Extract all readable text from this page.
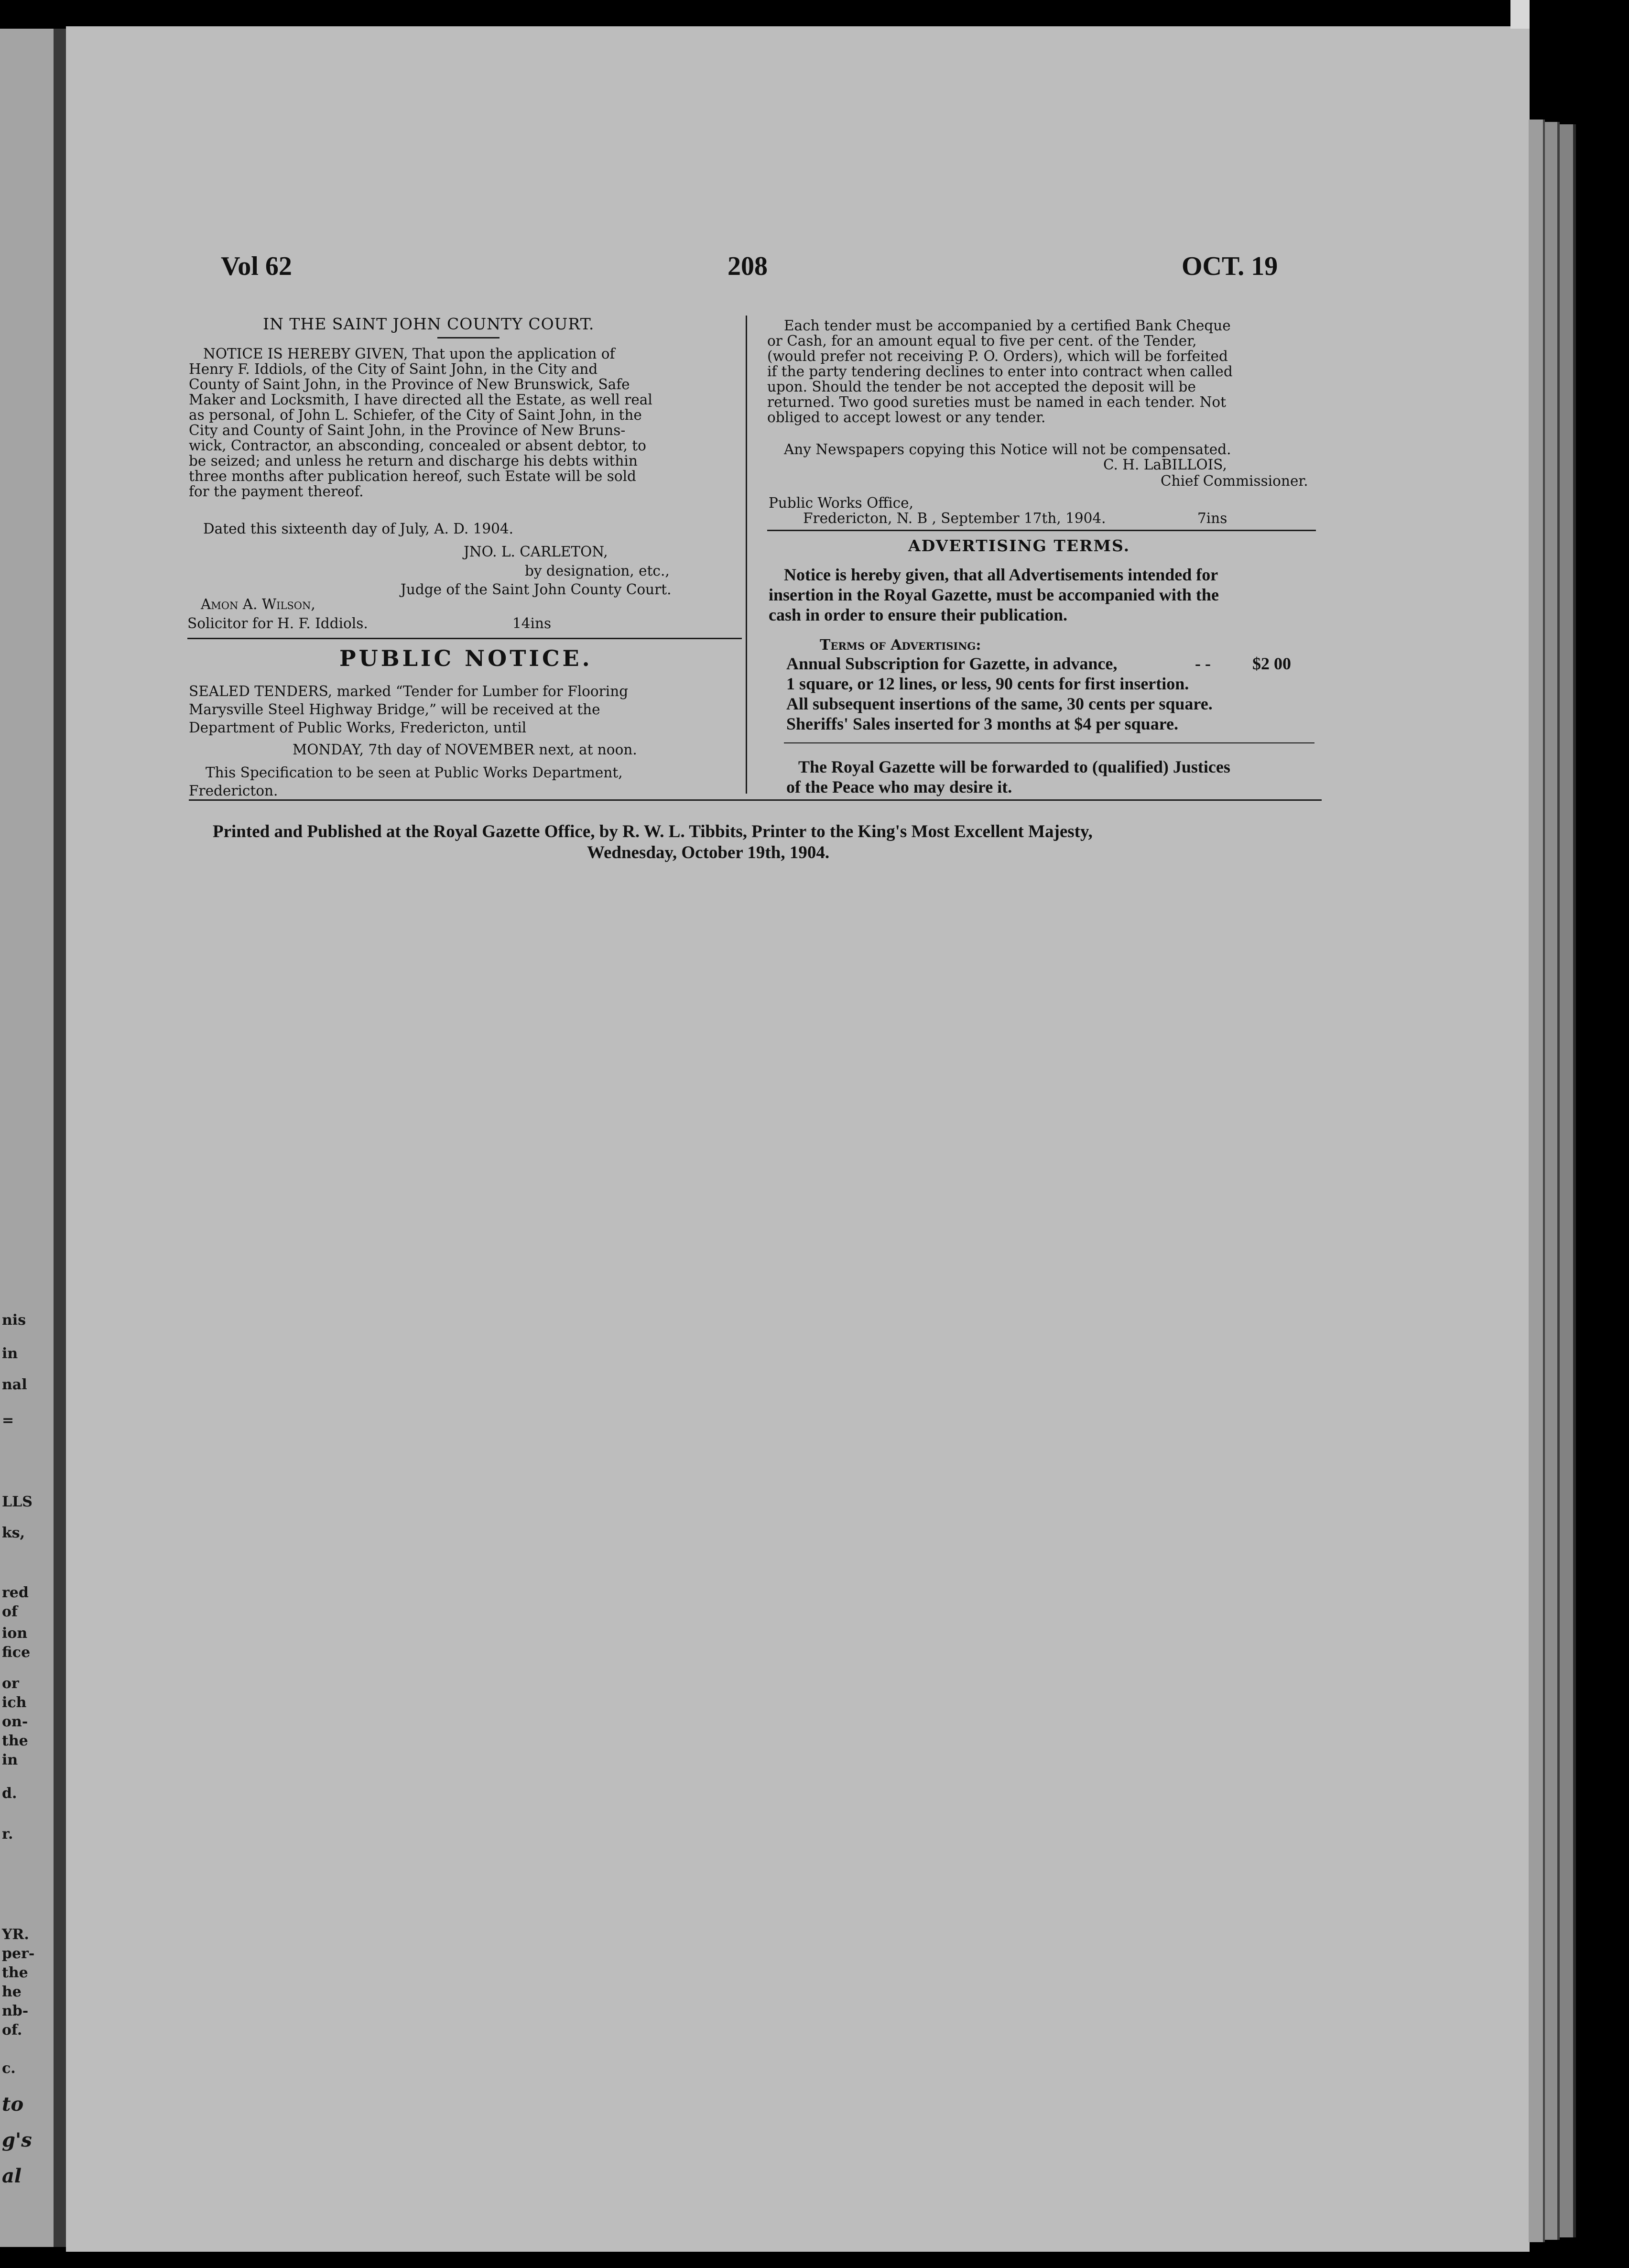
nis
in
nal
=
LLS
ks,
red
of
ion
fice
or
ich
on-
the
in
d.
r.
YR.
per-
the
he
nb-
of.
c.
to
g's
al
Vol 62	208	OCT. 19
IN THE SAINT JOHN COUNTY COURT.
NOTICE IS HEREBY GIVEN, That upon the application of
Henry F. Iddiols, of the City of Saint John, in the City and
County of Saint John, in the Province of New Brunswick, Safe
Maker and Locksmith, I have directed all the Estate, as well real
as personal, of John L. Schiefer, of the City of Saint John, in the
City and County of Saint John, in the Province of New Bruns-
wick, Contractor, an absconding, concealed or absent debtor, to
be seized; and unless he return and discharge his debts within
three months after publication hereof, such Estate will be sold
for the payment thereof.
Dated this sixteenth day of July, A. D. 1904.
JNO. L. CARLETON,
by designation, etc.,
Judge of the Saint John County Court.
Amon A. Wilson,
Solicitor for H. F. Iddiols.	14ins
PUBLIC NOTICE.
SEALED TENDERS, marked “Tender for Lumber for Flooring
Marysville Steel Highway Bridge,” will be received at the
Department of Public Works, Fredericton, until
MONDAY, 7th day of NOVEMBER next, at noon.
This Specification to be seen at Public Works Department,
Fredericton.
Each tender must be accompanied by a certified Bank Cheque
or Cash, for an amount equal to five per cent. of the Tender,
(would prefer not receiving P. O. Orders), which will be forfeited
if the party tendering declines to enter into contract when called
upon. Should the tender be not accepted the deposit will be
returned. Two good sureties must be named in each tender. Not
obliged to accept lowest or any tender.
Any Newspapers copying this Notice will not be compensated.
C. H. LaBILLOIS,
Chief Commissioner.
Public Works Office,
Fredericton, N. B , September 17th, 1904.	7ins
ADVERTISING TERMS.
Notice is hereby given, that all Advertisements intended for
insertion in the Royal Gazette, must be accompanied with the
cash in order to ensure their publication.
Terms of Advertising:
Annual Subscription for Gazette, in advance,	- - $2 00
1 square, or 12 lines, or less, 90 cents for first insertion.
All subsequent insertions of the same, 30 cents per square.
Sheriffs' Sales inserted for 3 months at $4 per square.
The Royal Gazette will be forwarded to (qualified) Justices
of the Peace who may desire it.
Printed and Published at the Royal Gazette Office, by R. W. L. Tibbits, Printer to the King's Most Excellent Majesty,
Wednesday, October 19th, 1904.
